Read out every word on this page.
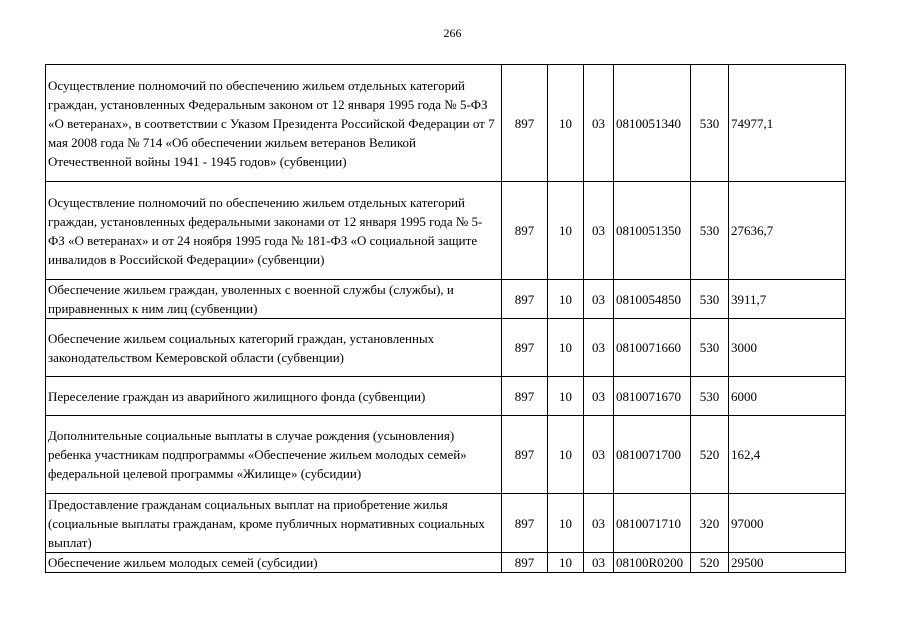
266
Осуществление полномочий по обеспечению жильем отдельных категорий граждан, установленных Федеральным законом от 12 января 1995 года № 5-ФЗ «О ветеранах», в соответствии с Указом Президента Российской Федерации от 7 мая 2008 года № 714 «Об обеспечении жильем ветеранов Великой Отечественной войны 1941 - 1945 годов» (субвенции)	897	10	03	0810051340	530	74977,1
Осуществление полномочий по обеспечению жильем отдельных категорий граждан, установленных федеральными законами от 12 января 1995 года № 5-ФЗ «О ветеранах» и от 24 ноября 1995 года № 181-ФЗ «О социальной защите инвалидов в Российской Федерации» (субвенции)	897	10	03	0810051350	530	27636,7
Обеспечение жильем граждан, уволенных с военной службы (службы), и приравненных к ним лиц (субвенции)	897	10	03	0810054850	530	3911,7
Обеспечение жильем социальных категорий граждан, установленных законодательством Кемеровской области (субвенции)	897	10	03	0810071660	530	3000
Переселение граждан из аварийного жилищного фонда (субвенции)	897	10	03	0810071670	530	6000
Дополнительные социальные выплаты в случае рождения (усыновления) ребенка участникам подпрограммы «Обеспечение жильем молодых семей» федеральной целевой программы «Жилище» (субсидии)	897	10	03	0810071700	520	162,4
Предоставление гражданам социальных выплат на приобретение жилья (социальные выплаты гражданам, кроме публичных нормативных социальных выплат)	897	10	03	0810071710	320	97000
Обеспечение жильем молодых семей (субсидии)	897	10	03	08100R0200	520	29500
